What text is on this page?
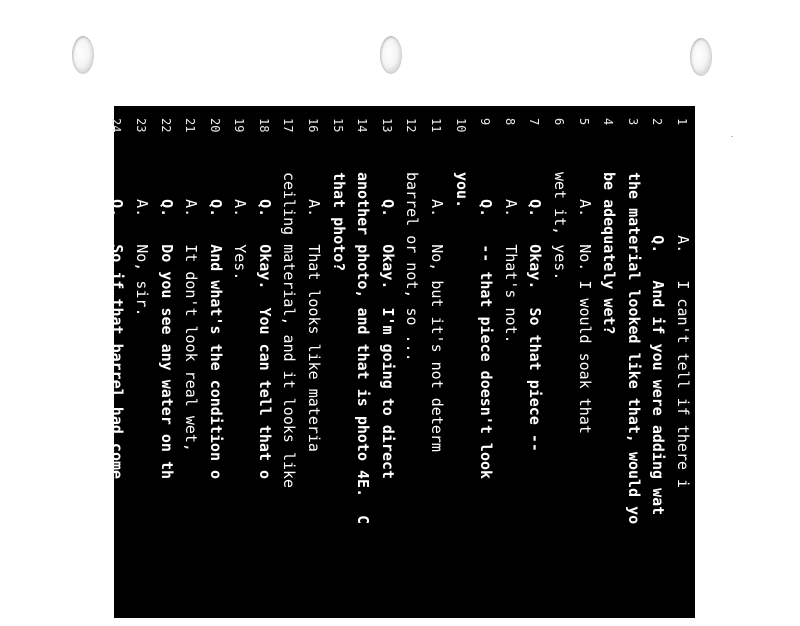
1
A.   I can't tell if there i
2
Q.   And if you were adding wat
3
the material looked like that, would yo
4
be adequately wet?
5
A.   No. I would soak that
6
wet it, yes.
7
Q.   Okay.  So that piece --
8
A.   That's not.
9
Q.   -- that piece doesn't look
10
you.
11
A.   No, but it's not determ
12
barrel or not, so ...
13
Q.   Okay.  I'm going to direct
14
another photo, and that is photo 4E.  C
15
that photo?
16
A.   That looks like materia
17
ceiling material, and it looks like
18
Q.   Okay.  You can tell that o
19
A.   Yes.
20
Q.   And what's the condition o
21
A.   It don't look real wet,
22
Q.   Do you see any water on th
23
A.   No, sir.
24
Q.   So if that barrel had come
